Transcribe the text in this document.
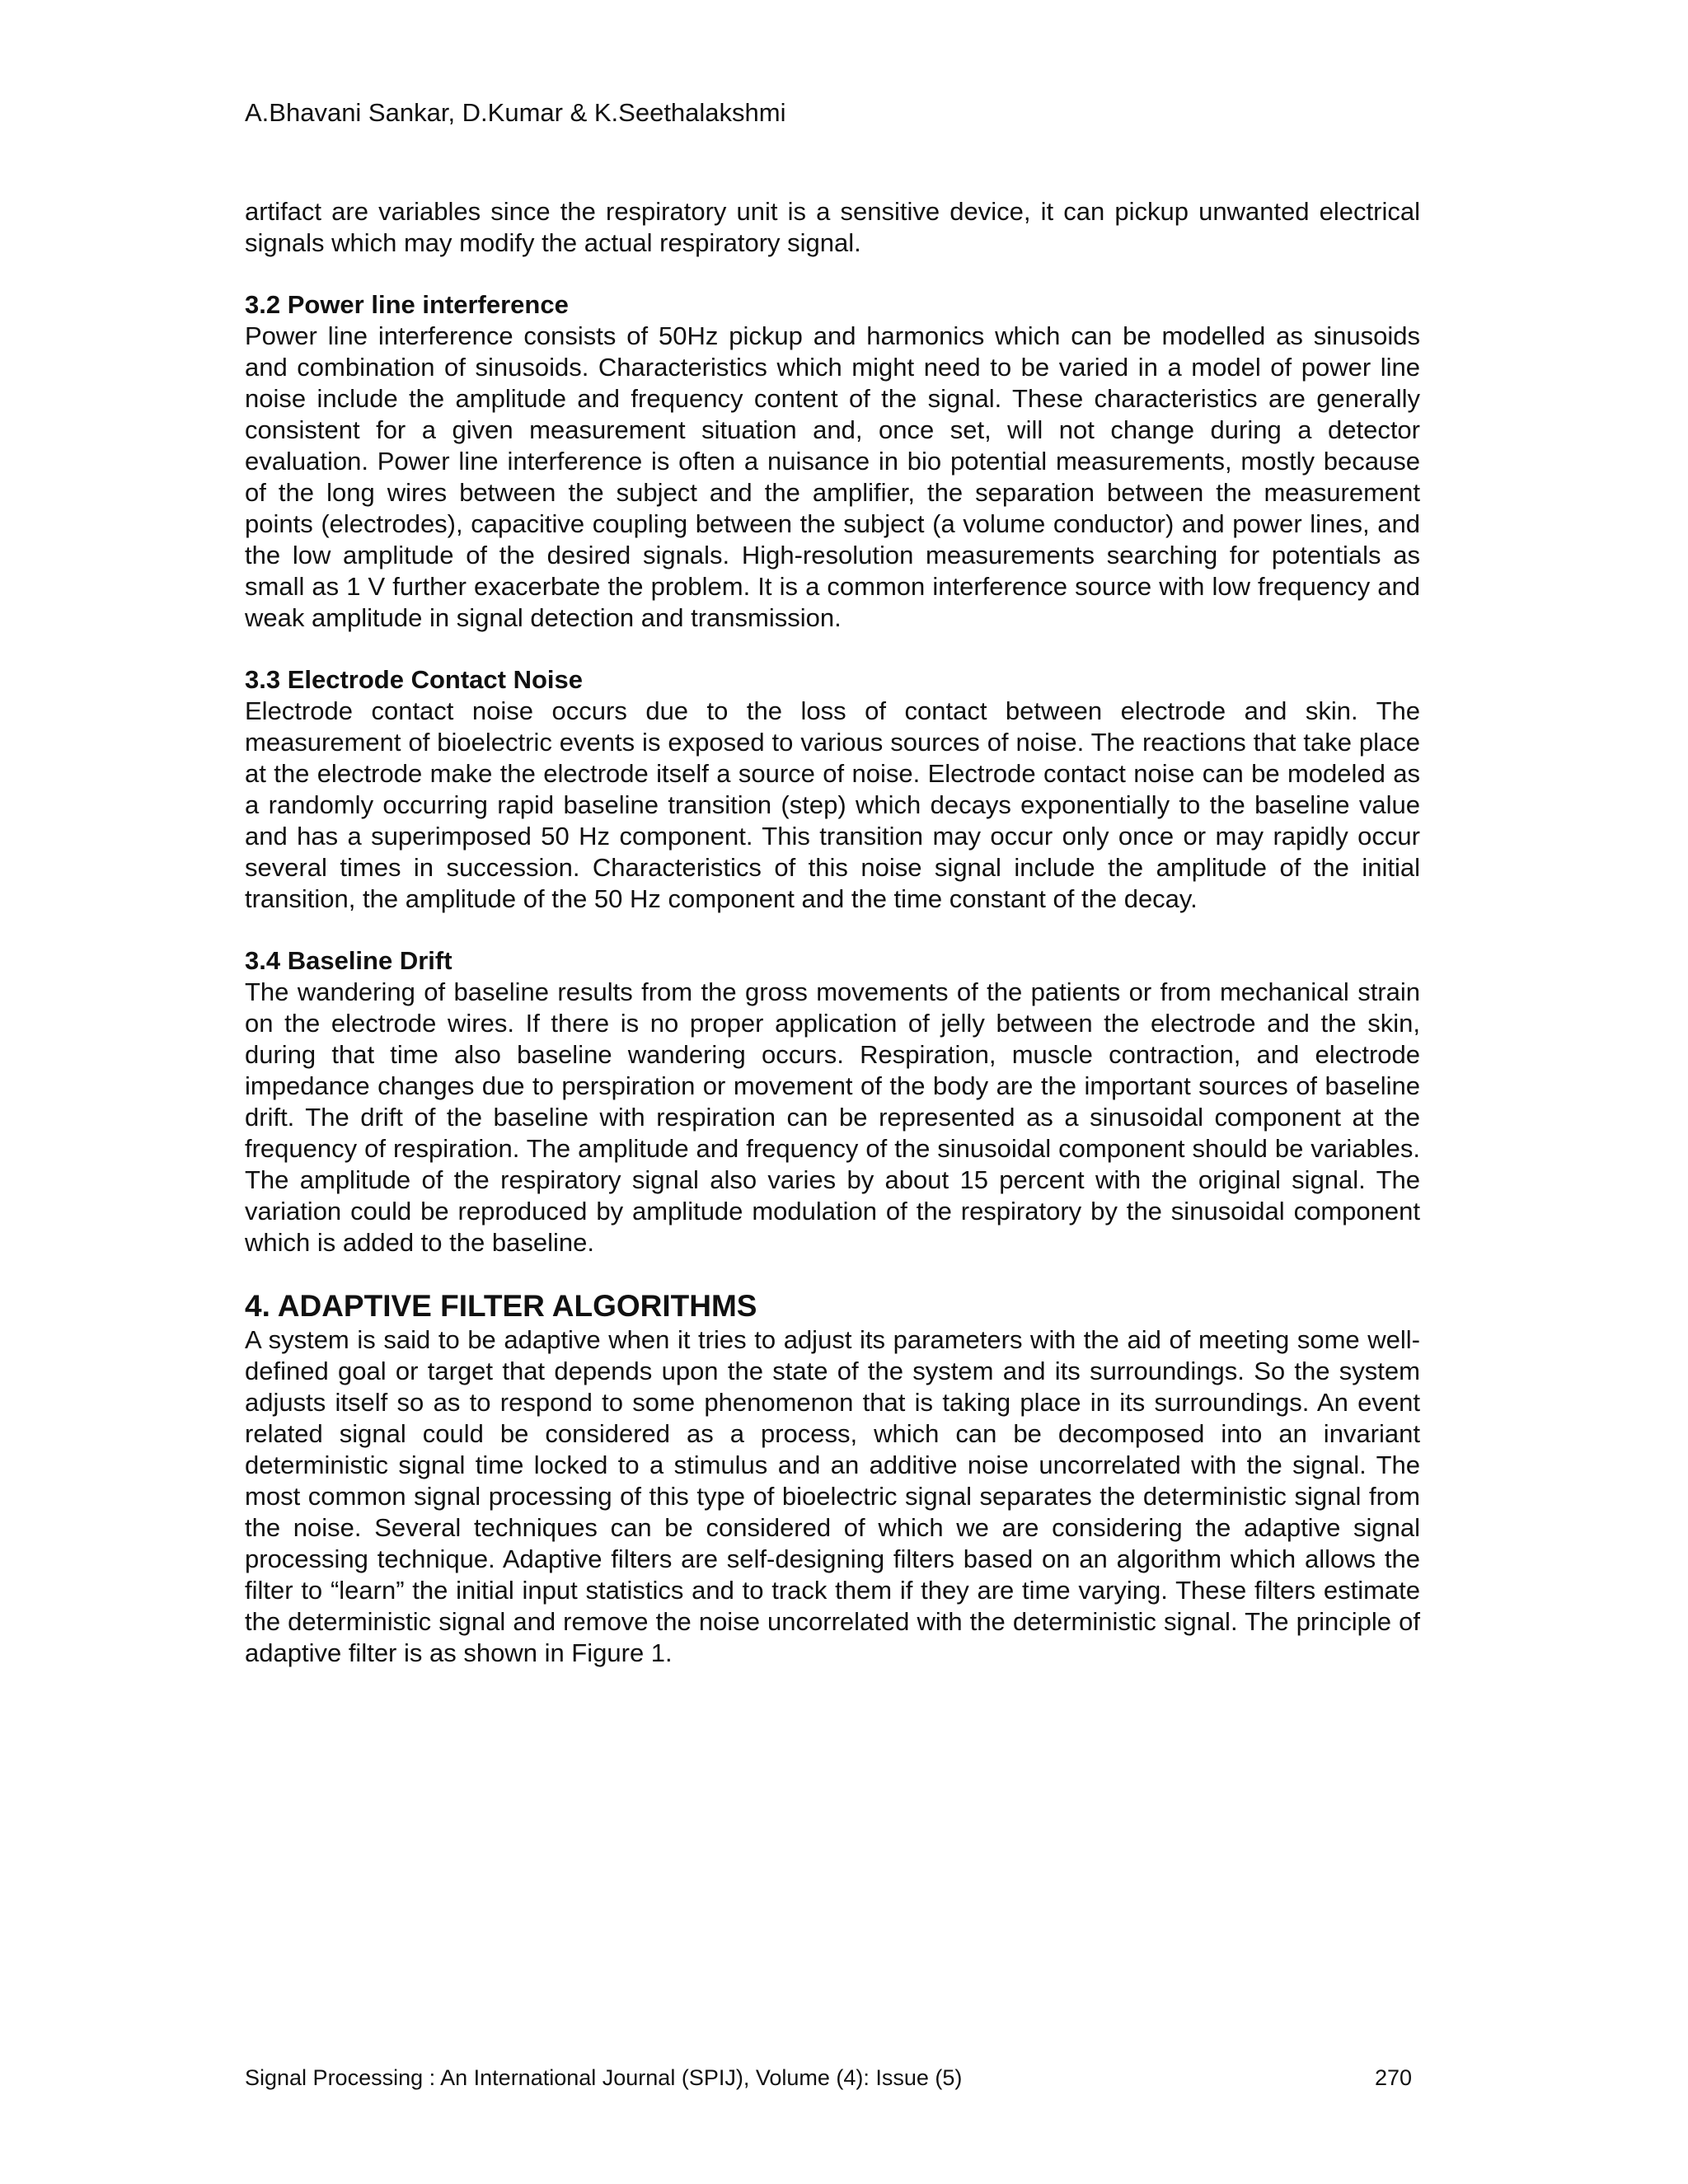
A.Bhavani Sankar, D.Kumar & K.Seethalakshmi

artifact are variables since the respiratory unit is a sensitive device, it can pickup unwanted electrical signals which may modify the actual respiratory signal.

3.2 Power line interference

Power line interference consists of 50Hz pickup and harmonics which can be modelled as sinusoids and combination of sinusoids. Characteristics which might need to be varied in a model of power line noise include the amplitude and frequency content of the signal. These characteristics are generally consistent for a given measurement situation and, once set, will not change during a detector evaluation. Power line interference is often a nuisance in bio potential measurements, mostly because of the long wires between the subject and the amplifier, the separation between the measurement points (electrodes), capacitive coupling between the subject (a volume conductor) and power lines, and the low amplitude of the desired signals. High-resolution measurements searching for potentials as small as 1 V further exacerbate the problem. It is a common interference source with low frequency and weak amplitude in signal detection and transmission.

3.3 Electrode Contact Noise

Electrode contact noise occurs due to the loss of contact between electrode and skin. The measurement of bioelectric events is exposed to various sources of noise. The reactions that take place at the electrode make the electrode itself a source of noise. Electrode contact noise can be modeled as a randomly occurring rapid baseline transition (step) which decays exponentially to the baseline value and has a superimposed 50 Hz component. This transition may occur only once or may rapidly occur several times in succession. Characteristics of this noise signal include the amplitude of the initial transition, the amplitude of the 50 Hz component and the time constant of the decay.

3.4 Baseline Drift

The wandering of baseline results from the gross movements of the patients or from mechanical strain on the electrode wires. If there is no proper application of jelly between the electrode and the skin, during that time also baseline wandering occurs. Respiration, muscle contraction, and electrode impedance changes due to perspiration or movement of the body are the important sources of baseline drift. The drift of the baseline with respiration can be represented as a sinusoidal component at the frequency of respiration. The amplitude and frequency of the sinusoidal component should be variables. The amplitude of the respiratory signal also varies by about 15 percent with the original signal. The variation could be reproduced by amplitude modulation of the respiratory by the sinusoidal component which is added to the baseline.

4. ADAPTIVE FILTER ALGORITHMS

A system is said to be adaptive when it tries to adjust its parameters with the aid of meeting some well-defined goal or target that depends upon the state of the system and its surroundings. So the system adjusts itself so as to respond to some phenomenon that is taking place in its surroundings. An event related signal could be considered as a process, which can be decomposed into an invariant deterministic signal time locked to a stimulus and an additive noise uncorrelated with the signal. The most common signal processing of this type of bioelectric signal separates the deterministic signal from the noise. Several techniques can be considered of which we are considering the adaptive signal processing technique. Adaptive filters are self-designing filters based on an algorithm which allows the filter to “learn” the initial input statistics and to track them if they are time varying. These filters estimate the deterministic signal and remove the noise uncorrelated with the deterministic signal. The principle of adaptive filter is as shown in Figure 1.

Signal Processing : An International Journal (SPIJ), Volume (4): Issue (5)	270
